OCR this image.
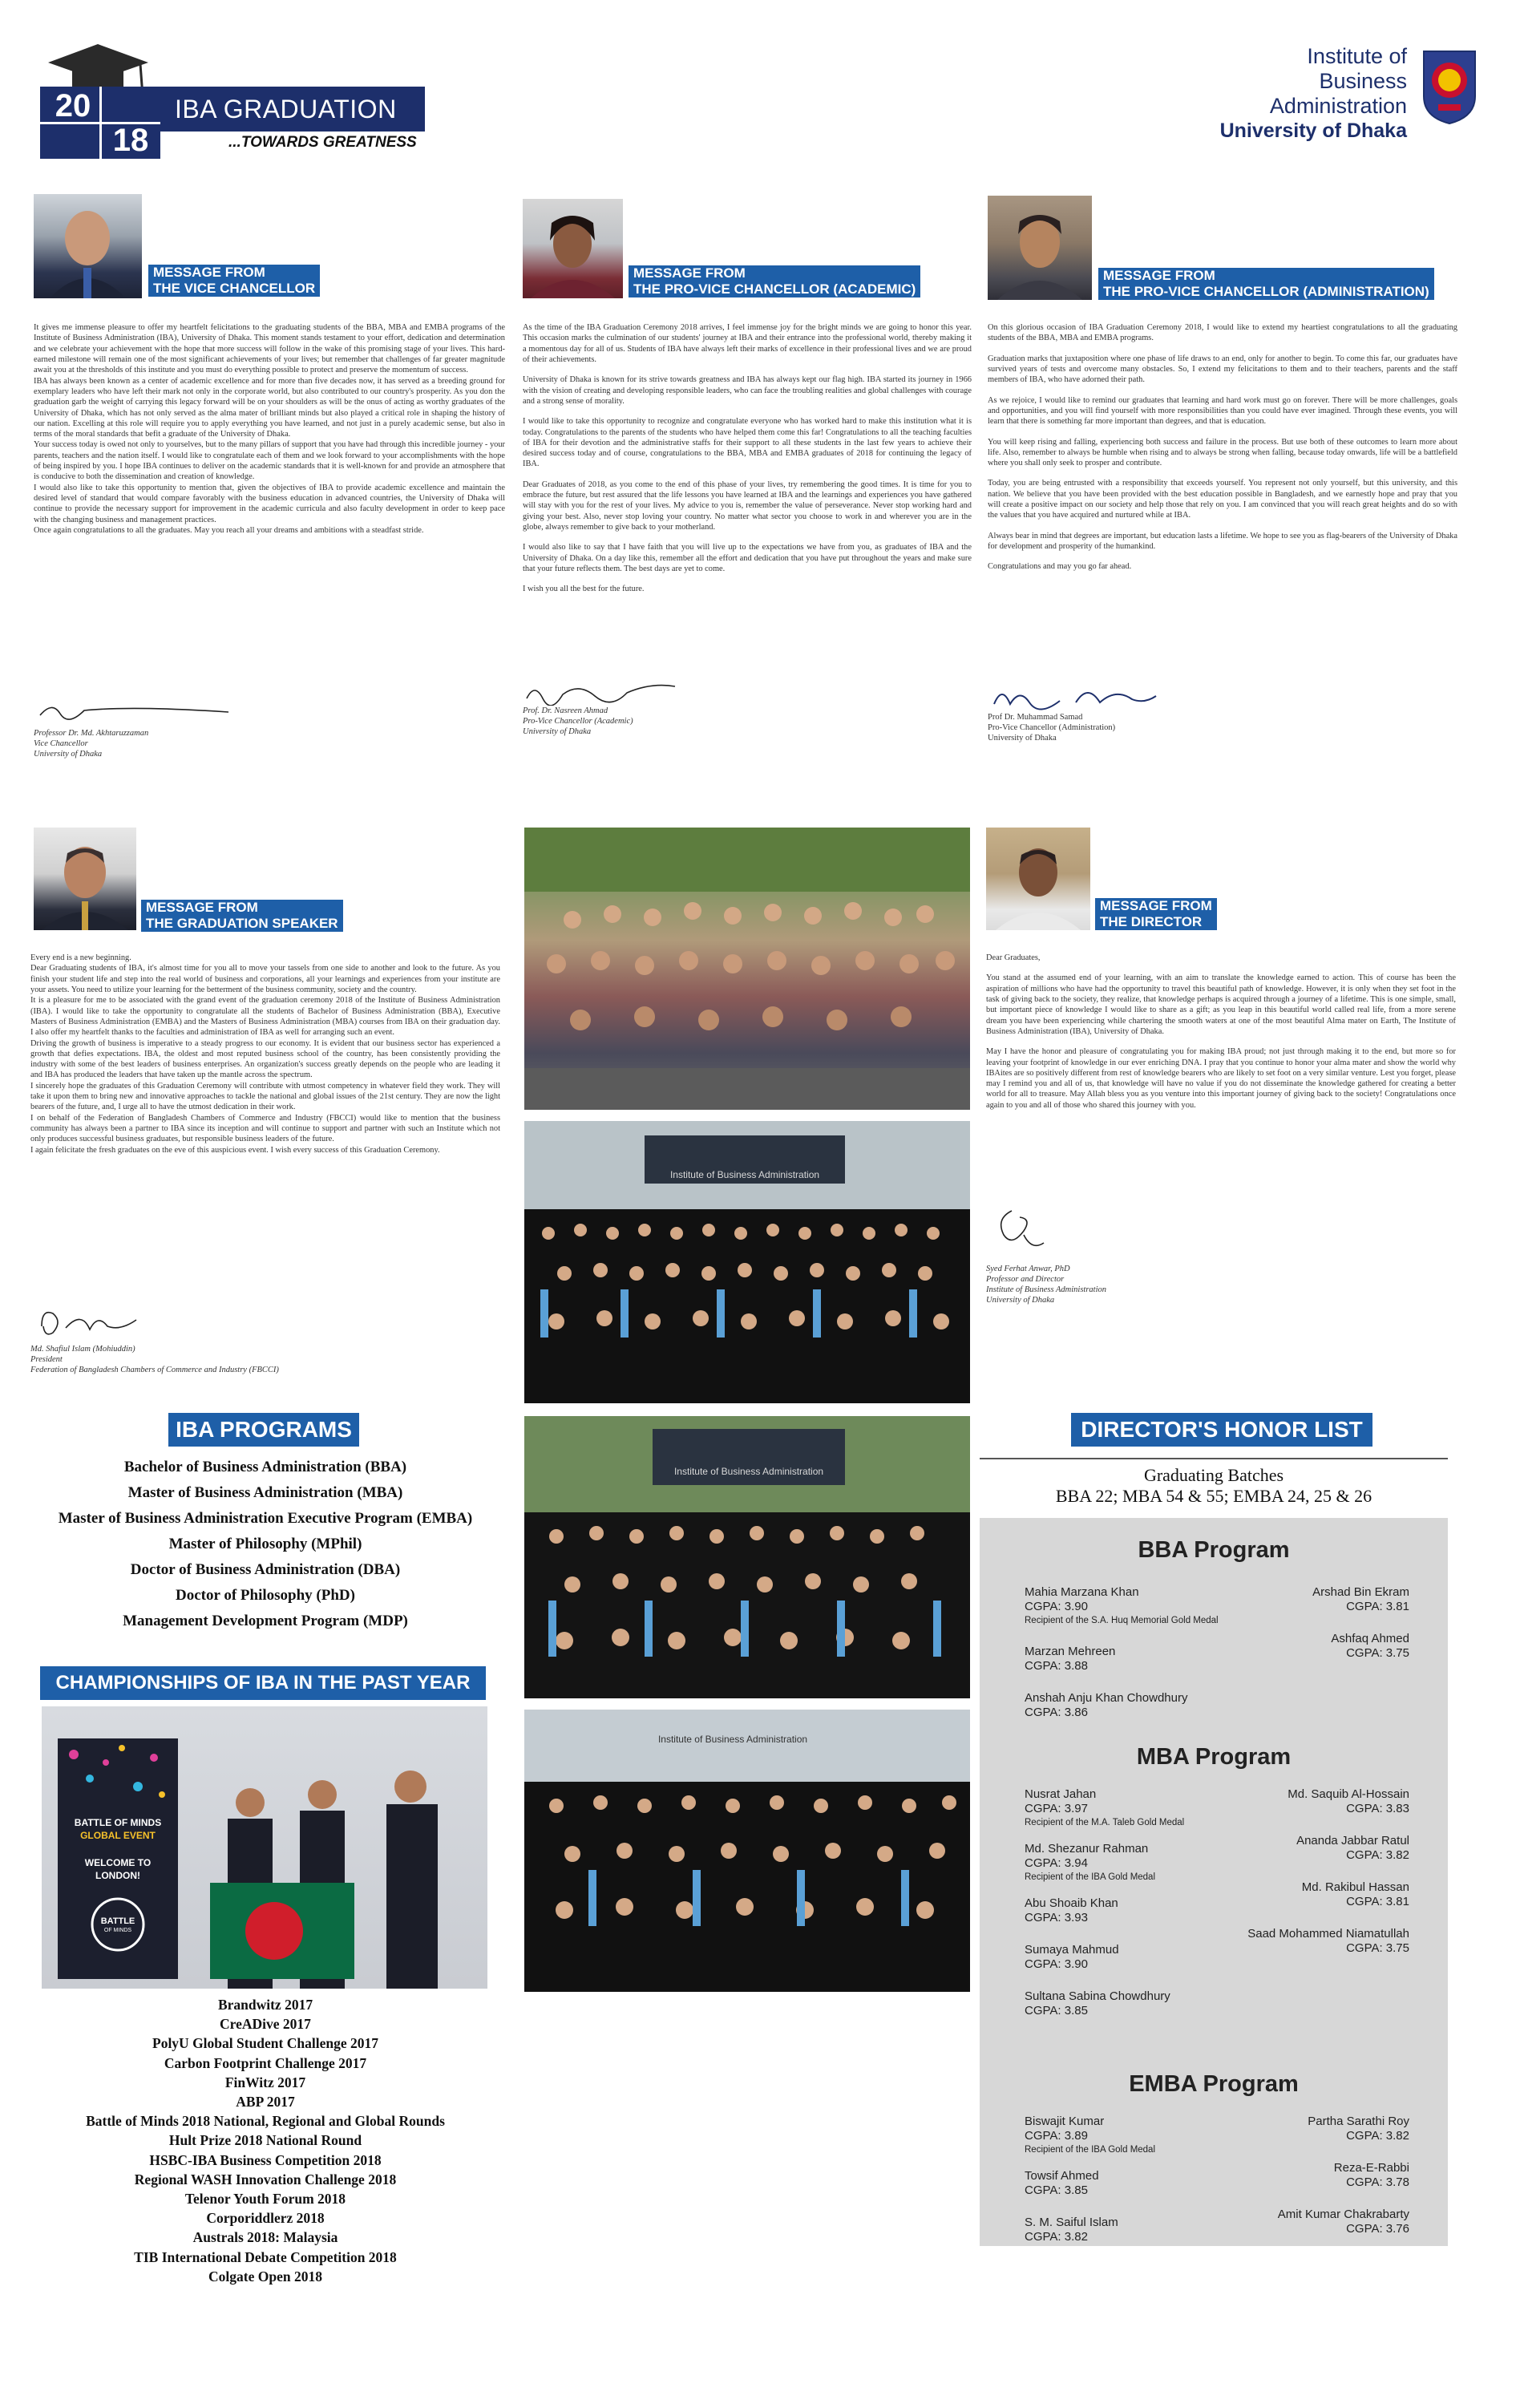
20
18
IBA GRADUATION
...TOWARDS GREATNESS
Institute of
Business
Administration
University of Dhaka
MESSAGE FROM
THE VICE CHANCELLOR

It gives me immense pleasure to offer my heartfelt felicitations to the graduating students of the BBA, MBA and EMBA programs of the Institute of Business Administration (IBA), University of Dhaka. This moment stands testament to your effort, dedication and determination and we celebrate your achievement with the hope that more success will follow in the wake of this promising stage of your lives. This hard-earned milestone will remain one of the most significant achievements of your lives; but remember that challenges of far greater magnitude await you at the thresholds of this institute and you must do everything possible to protect and preserve the momentum of success.

IBA has always been known as a center of academic excellence and for more than five decades now, it has served as a breeding ground for exemplary leaders who have left their mark not only in the corporate world, but also contributed to our country's prosperity. As you don the graduation garb the weight of carrying this legacy forward will be on your shoulders as will be the onus of acting as worthy graduates of the University of Dhaka, which has not only served as the alma mater of brilliant minds but also played a critical role in shaping the history of our nation. Excelling at this role will require you to apply everything you have learned, and not just in a purely academic sense, but also in terms of the moral standards that befit a graduate of the University of Dhaka.

Your success today is owed not only to yourselves, but to the many pillars of support that you have had through this incredible journey - your parents, teachers and the nation itself. I would like to congratulate each of them and we look forward to your accomplishments with the hope of being inspired by you. I hope IBA continues to deliver on the academic standards that it is well-known for and provide an atmosphere that is conducive to both the dissemination and creation of knowledge.

I would also like to take this opportunity to mention that, given the objectives of IBA to provide academic excellence and maintain the desired level of standard that would compare favorably with the business education in advanced countries, the University of Dhaka will continue to provide the necessary support for improvement in the academic curricula and also faculty development in order to keep pace with the changing business and management practices.

Once again congratulations to all the graduates. May you reach all your dreams and ambitions with a steadfast stride.

Professor Dr. Md. Akhtaruzzaman
Vice Chancellor
University of Dhaka
MESSAGE FROM
THE PRO-VICE CHANCELLOR (ACADEMIC)

As the time of the IBA Graduation Ceremony 2018 arrives, I feel immense joy for the bright minds we are going to honor this year. This occasion marks the culmination of our students' journey at IBA and their entrance into the professional world, thereby making it a momentous day for all of us. Students of IBA have always left their marks of excellence in their professional lives and we are proud of their achievements.

University of Dhaka is known for its strive towards greatness and IBA has always kept our flag high. IBA started its journey in 1966 with the vision of creating and developing responsible leaders, who can face the troubling realities and global challenges with courage and a strong sense of morality.

I would like to take this opportunity to recognize and congratulate everyone who has worked hard to make this institution what it is today. Congratulations to the parents of the students who have helped them come this far! Congratulations to all the teaching faculties of IBA for their devotion and the administrative staffs for their support to all these students in the last few years to achieve their desired success today and of course, congratulations to the BBA, MBA and EMBA graduates of 2018 for continuing the legacy of IBA.

Dear Graduates of 2018, as you come to the end of this phase of your lives, try remembering the good times. It is time for you to embrace the future, but rest assured that the life lessons you have learned at IBA and the learnings and experiences you have gathered will stay with you for the rest of your lives. My advice to you is, remember the value of perseverance. Never stop working hard and giving your best. Also, never stop loving your country. No matter what sector you choose to work in and wherever you are in the globe, always remember to give back to your motherland.

I would also like to say that I have faith that you will live up to the expectations we have from you, as graduates of IBA and the University of Dhaka. On a day like this, remember all the effort and dedication that you have put throughout the years and make sure that your future reflects them. The best days are yet to come.

I wish you all the best for the future.

Prof. Dr. Nasreen Ahmad
Pro-Vice Chancellor (Academic)
University of Dhaka
MESSAGE FROM
THE PRO-VICE CHANCELLOR (ADMINISTRATION)

On this glorious occasion of IBA Graduation Ceremony 2018, I would like to extend my heartiest congratulations to all the graduating students of the BBA, MBA and EMBA programs.

Graduation marks that juxtaposition where one phase of life draws to an end, only for another to begin. To come this far, our graduates have survived years of tests and overcome many obstacles. So, I extend my felicitations to them and to their teachers, parents and the staff members of IBA, who have adorned their path.

As we rejoice, I would like to remind our graduates that learning and hard work must go on forever. There will be more challenges, goals and opportunities, and you will find yourself with more responsibilities than you could have ever imagined. Through these events, you will learn that there is something far more important than degrees, and that is education.

You will keep rising and falling, experiencing both success and failure in the process. But use both of these outcomes to learn more about life. Also, remember to always be humble when rising and to always be strong when falling, because today onwards, life will be a battlefield where you shall only seek to prosper and contribute.

Today, you are being entrusted with a responsibility that exceeds yourself. You represent not only yourself, but this university, and this nation. We believe that you have been provided with the best education possible in Bangladesh, and we earnestly hope and pray that you will create a positive impact on our society and help those that rely on you. I am convinced that you will reach great heights and do so with the values that you have acquired and nurtured while at IBA.

Always bear in mind that degrees are important, but education lasts a lifetime. We hope to see you as flag-bearers of the University of Dhaka for development and prosperity of the humankind.

Congratulations and may you go far ahead.

Prof Dr. Muhammad Samad
Pro-Vice Chancellor (Administration)
University of Dhaka
MESSAGE FROM
THE GRADUATION SPEAKER

Every end is a new beginning.

Dear Graduating students of IBA, it's almost time for you all to move your tassels from one side to another and look to the future. As you finish your student life and step into the real world of business and corporations, all your learnings and experiences from your institute are your assets. You need to utilize your learning for the betterment of the business community, society and the country.

It is a pleasure for me to be associated with the grand event of the graduation ceremony 2018 of the Institute of Business Administration (IBA). I would like to take the opportunity to congratulate all the students of Bachelor of Business Administration (BBA), Executive Masters of Business Administration (EMBA) and the Masters of Business Administration (MBA) courses from IBA on their graduation day. I also offer my heartfelt thanks to the faculties and administration of IBA as well for arranging such an event.

Driving the growth of business is imperative to a steady progress to our economy. It is evident that our business sector has experienced a growth that defies expectations. IBA, the oldest and most reputed business school of the country, has been consistently providing the industry with some of the best leaders of business enterprises. An organization's success greatly depends on the people who are leading it and IBA has produced the leaders that have taken up the mantle across the spectrum.

I sincerely hope the graduates of this Graduation Ceremony will contribute with utmost competency in whatever field they work. They will take it upon them to bring new and innovative approaches to tackle the national and global issues of the 21st century. They are now the light bearers of the future, and, I urge all to have the utmost dedication in their work.

I on behalf of the Federation of Bangladesh Chambers of Commerce and Industry (FBCCI) would like to mention that the business community has always been a partner to IBA since its inception and will continue to support and partner with such an Institute which not only produces successful business graduates, but responsible business leaders of the future.

I again felicitate the fresh graduates on the eve of this auspicious event. I wish every success of this Graduation Ceremony.

Md. Shafiul Islam (Mohiuddin)
President
Federation of Bangladesh Chambers of Commerce and Industry (FBCCI)
Institute of Business Administration
Institute of Business Administration
Institute of Business Administration
MESSAGE FROM
THE DIRECTOR

Dear Graduates,

You stand at the assumed end of your learning, with an aim to translate the knowledge earned to action. This of course has been the aspiration of millions who have had the opportunity to travel this beautiful path of knowledge. However, it is only when they set foot in the task of giving back to the society, they realize, that knowledge perhaps is acquired through a journey of a lifetime. This is one simple, small, but important piece of knowledge I would like to share as a gift; as you leap in this beautiful world called real life, from a more serene dream you have been experiencing while chartering the smooth waters at one of the most beautiful Alma mater on Earth, The Institute of Business Administration (IBA), University of Dhaka.

May I have the honor and pleasure of congratulating you for making IBA proud; not just through making it to the end, but more so for leaving your footprint of knowledge in our ever enriching DNA. I pray that you continue to honor your alma mater and show the world why IBAites are so positively different from rest of knowledge bearers who are likely to set foot on a very similar venture. Lest you forget, please may I remind you and all of us, that knowledge will have no value if you do not disseminate the knowledge gathered for creating a better world for all to treasure. May Allah bless you as you venture into this important journey of giving back to the society! Congratulations once again to you and all of those who shared this journey with you.

Syed Ferhat Anwar, PhD
Professor and Director
Institute of Business Administration
University of Dhaka
IBA PROGRAMS
Bachelor of Business Administration (BBA)
Master of Business Administration (MBA)
Master of Business Administration Executive Program (EMBA)
Master of Philosophy (MPhil)
Doctor of Business Administration (DBA)
Doctor of Philosophy (PhD)
Management Development Program (MDP)
CHAMPIONSHIPS OF IBA IN THE PAST YEAR
BATTLE OF MINDS
GLOBAL EVENT
WELCOME TO
LONDON!
BATTLE
OF MINDS
Brandwitz 2017
CreADive 2017
PolyU Global Student Challenge 2017
Carbon Footprint Challenge 2017
FinWitz 2017
ABP 2017
Battle of Minds 2018 National, Regional and Global Rounds
Hult Prize 2018 National Round
HSBC-IBA Business Competition 2018
Regional WASH Innovation Challenge 2018
Telenor Youth Forum 2018
Corporiddlerz 2018
Australs 2018: Malaysia
TIB International Debate Competition 2018
Colgate Open 2018
DIRECTOR'S HONOR LIST
Graduating Batches
BBA 22; MBA 54 & 55; EMBA 24, 25 & 26
BBA Program
Mahia Marzana Khan
CGPA: 3.90
Recipient of the S.A. Huq Memorial Gold Medal
Marzan Mehreen
CGPA: 3.88
Anshah Anju Khan Chowdhury
CGPA: 3.86
Arshad Bin Ekram
CGPA: 3.81
Ashfaq Ahmed
CGPA: 3.75
MBA Program
Nusrat Jahan
CGPA: 3.97
Recipient of the M.A. Taleb Gold Medal
Md. Shezanur Rahman
CGPA: 3.94
Recipient of the IBA Gold Medal
Abu Shoaib Khan
CGPA: 3.93
Sumaya Mahmud
CGPA: 3.90
Sultana Sabina Chowdhury
CGPA: 3.85
Md. Saquib Al-Hossain
CGPA: 3.83
Ananda Jabbar Ratul
CGPA: 3.82
Md. Rakibul Hassan
CGPA: 3.81
Saad Mohammed Niamatullah
CGPA: 3.75
EMBA Program
Biswajit Kumar
CGPA: 3.89
Recipient of the IBA Gold Medal
Towsif Ahmed
CGPA: 3.85
S. M. Saiful Islam
CGPA: 3.82
Partha Sarathi Roy
CGPA: 3.82
Reza-E-Rabbi
CGPA: 3.78
Amit Kumar Chakrabarty
CGPA: 3.76
